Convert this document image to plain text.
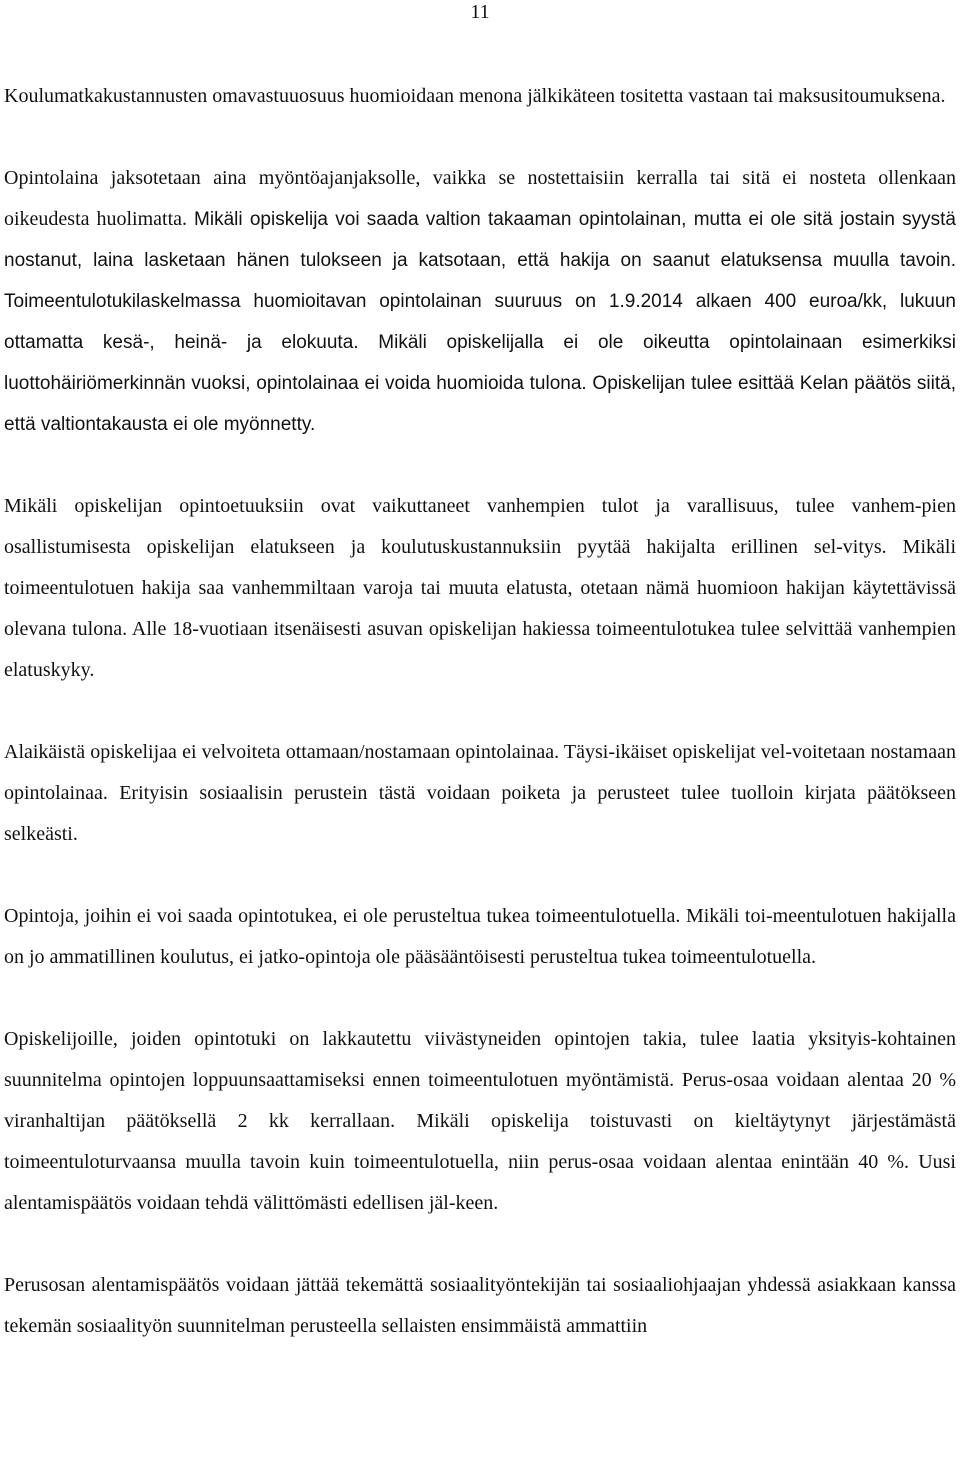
11

Koulumatkakustannusten omavastuuosuus huomioidaan menona jälkikäteen tositetta vastaan tai maksusitoumuksena.

Opintolaina jaksotetaan aina myöntöajanjaksolle, vaikka se nostettaisiin kerralla tai sitä ei nosteta ollenkaan oikeudesta huolimatta. Mikäli opiskelija voi saada valtion takaaman opintolainan, mutta ei ole sitä jostain syystä nostanut, laina lasketaan hänen tulokseen ja katsotaan, että hakija on saanut elatuksensa muulla tavoin. Toimeentulotukilaskelmassa huomioitavan opintolainan suuruus on 1.9.2014 alkaen 400 euroa/kk, lukuun ottamatta kesä-, heinä- ja elokuuta. Mikäli opiskelijalla ei ole oikeutta opintolainaan esimerkiksi luottohäiriömerkinnän vuoksi, opintolainaa ei voida huomioida tulona. Opiskelijan tulee esittää Kelan päätös siitä, että valtiontakausta ei ole myönnetty.

Mikäli opiskelijan opintoetuuksiin ovat vaikuttaneet vanhempien tulot ja varallisuus, tulee vanhem-pien osallistumisesta opiskelijan elatukseen ja koulutuskustannuksiin pyytää hakijalta erillinen sel-vitys. Mikäli toimeentulotuen hakija saa vanhemmiltaan varoja tai muuta elatusta, otetaan nämä huomioon hakijan käytettävissä olevana tulona. Alle 18-vuotiaan itsenäisesti asuvan opiskelijan hakiessa toimeentulotukea tulee selvittää vanhempien elatuskyky.

Alaikäistä opiskelijaa ei velvoiteta ottamaan/nostamaan opintolainaa. Täysi-ikäiset opiskelijat vel-voitetaan nostamaan opintolainaa. Erityisin sosiaalisin perustein tästä voidaan poiketa ja perusteet tulee tuolloin kirjata päätökseen selkeästi.

Opintoja, joihin ei voi saada opintotukea, ei ole perusteltua tukea toimeentulotuella. Mikäli toi-meentulotuen hakijalla on jo ammatillinen koulutus, ei jatko-opintoja ole pääsääntöisesti perusteltua tukea toimeentulotuella.

Opiskelijoille, joiden opintotuki on lakkautettu viivästyneiden opintojen takia, tulee laatia yksityis-kohtainen suunnitelma opintojen loppuunsaattamiseksi ennen toimeentulotuen myöntämistä. Perus-osaa voidaan alentaa 20 % viranhaltijan päätöksellä 2 kk kerrallaan. Mikäli opiskelija toistuvasti on kieltäytynyt järjestämästä toimeentuloturvaansa muulla tavoin kuin toimeentulotuella, niin perus-osaa voidaan alentaa enintään 40 %. Uusi alentamispäätös voidaan tehdä välittömästi edellisen jäl-keen.

Perusosan alentamispäätös voidaan jättää tekemättä sosiaalityöntekijän tai sosiaaliohjaajan yhdessä asiakkaan kanssa tekemän sosiaalityön suunnitelman perusteella sellaisten ensimmäistä ammattiin
